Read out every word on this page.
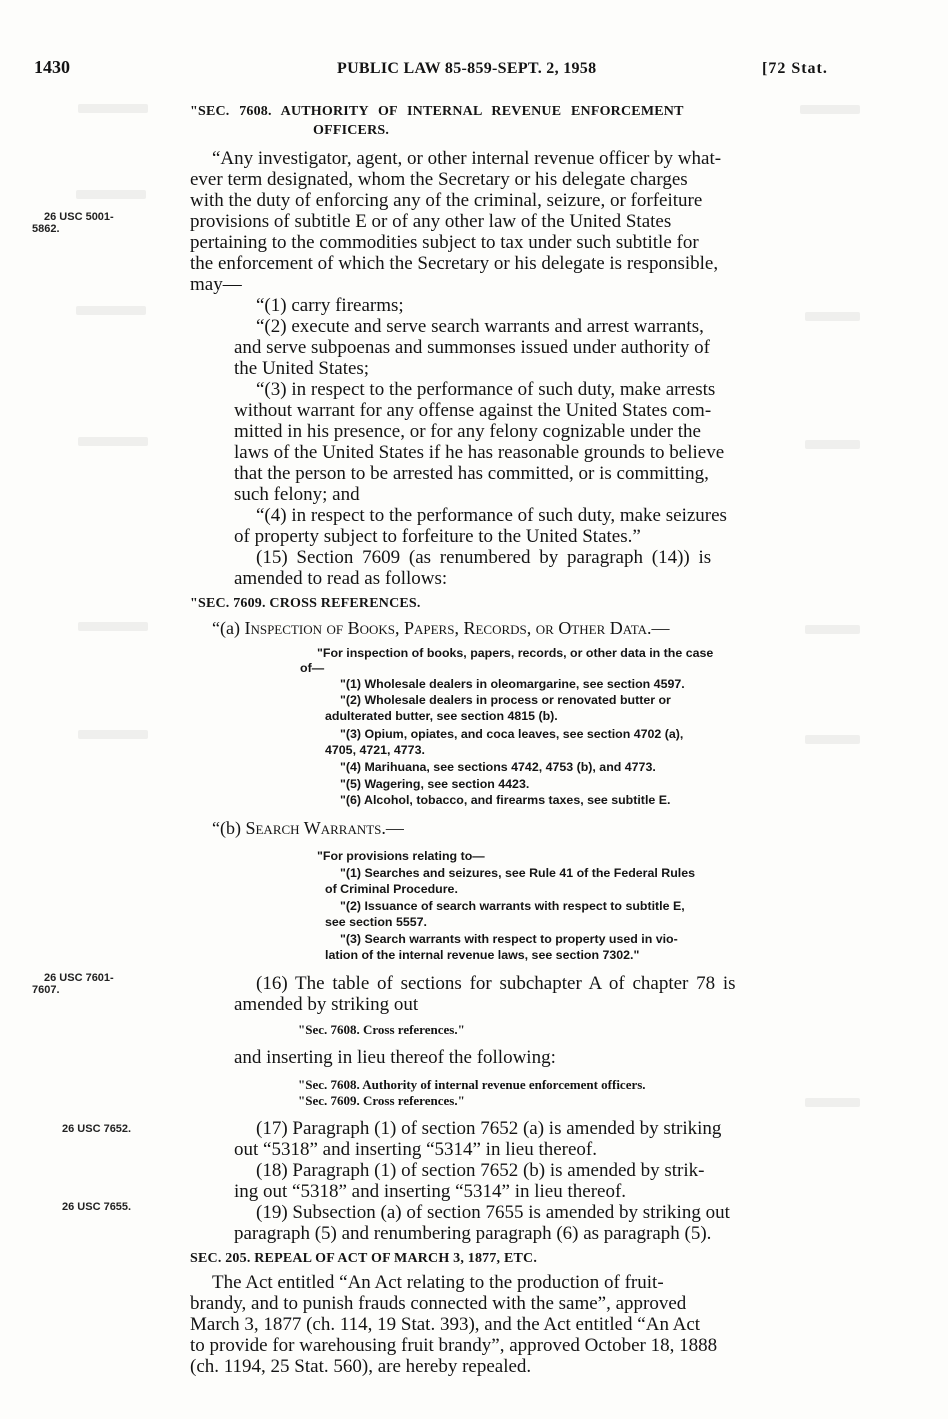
1430	PUBLIC LAW 85-859-SEPT. 2, 1958	[72 Stat.
26 USC 5001-
5862.
26 USC 7601-
7607.
26 USC 7652.
26 USC 7655.
"SEC. 7608. AUTHORITY OF INTERNAL REVENUE ENFORCEMENT
OFFICERS.
“Any investigator, agent, or other internal revenue officer by what-
ever term designated, whom the Secretary or his delegate charges
with the duty of enforcing any of the criminal, seizure, or forfeiture
provisions of subtitle E or of any other law of the United States
pertaining to the commodities subject to tax under such subtitle for
the enforcement of which the Secretary or his delegate is responsible,
may—
“(1) carry firearms;
“(2) execute and serve search warrants and arrest warrants,
and serve subpoenas and summonses issued under authority of
the United States;
“(3) in respect to the performance of such duty, make arrests
without warrant for any offense against the United States com-
mitted in his presence, or for any felony cognizable under the
laws of the United States if he has reasonable grounds to believe
that the person to be arrested has committed, or is committing,
such felony; and
“(4) in respect to the performance of such duty, make seizures
of property subject to forfeiture to the United States.”
(15) Section 7609 (as renumbered by paragraph (14)) is
amended to read as follows:
"SEC. 7609. CROSS REFERENCES.
“(a) Inspection of Books, Papers, Records, or Other Data.—
"For inspection of books, papers, records, or other data in the case
of—
"(1) Wholesale dealers in oleomargarine, see section 4597.
"(2) Wholesale dealers in process or renovated butter or
adulterated butter, see section 4815 (b).
"(3) Opium, opiates, and coca leaves, see section 4702 (a),
4705, 4721, 4773.
"(4) Marihuana, see sections 4742, 4753 (b), and 4773.
"(5) Wagering, see section 4423.
"(6) Alcohol, tobacco, and firearms taxes, see subtitle E.
“(b) Search Warrants.—
"For provisions relating to—
"(1) Searches and seizures, see Rule 41 of the Federal Rules
of Criminal Procedure.
"(2) Issuance of search warrants with respect to subtitle E,
see section 5557.
"(3) Search warrants with respect to property used in vio-
lation of the internal revenue laws, see section 7302."
(16) The table of sections for subchapter A of chapter 78 is
amended by striking out
"Sec. 7608. Cross references."
and inserting in lieu thereof the following:
"Sec. 7608. Authority of internal revenue enforcement officers.
"Sec. 7609. Cross references."
(17) Paragraph (1) of section 7652 (a) is amended by striking
out “5318” and inserting “5314” in lieu thereof.
(18) Paragraph (1) of section 7652 (b) is amended by strik-
ing out “5318” and inserting “5314” in lieu thereof.
(19) Subsection (a) of section 7655 is amended by striking out
paragraph (5) and renumbering paragraph (6) as paragraph (5).
SEC. 205. REPEAL OF ACT OF MARCH 3, 1877, ETC.
The Act entitled “An Act relating to the production of fruit-
brandy, and to punish frauds connected with the same”, approved
March 3, 1877 (ch. 114, 19 Stat. 393), and the Act entitled “An Act
to provide for warehousing fruit brandy”, approved October 18, 1888
(ch. 1194, 25 Stat. 560), are hereby repealed.
